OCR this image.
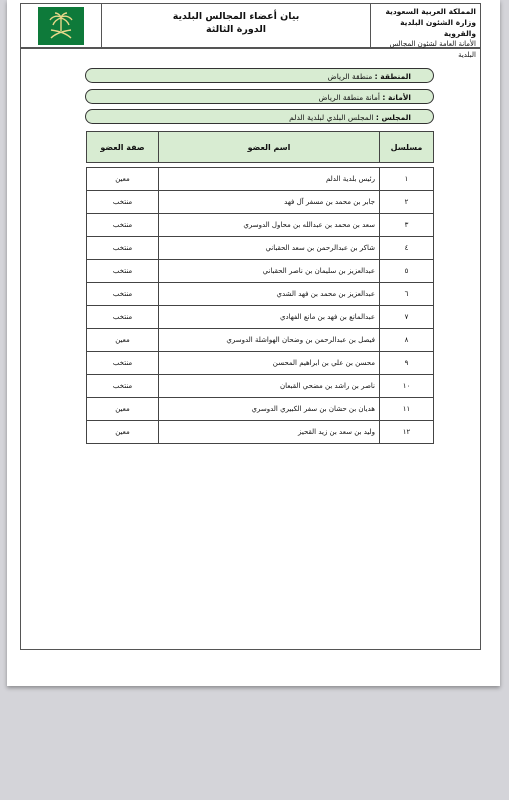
المملكة العربية السعودية
وزارة الشئون البلدية والقروية
الأمانة العامة لشئون المجالس البلدية
بيان أعضاء المجالس البلدية
الدورة الثالثة
المنطقة : منطقة الرياض
الأمانة : أمانة منطقة الرياض
المجلس : المجلس البلدي لبلدية الدلم
مسلسل	اسم العضو	صفة العضو

١	رئيس بلدية الدلم	معين
٢	جابر بن محمد بن مسفر آل فهد	منتخب
٣	سعد بن محمد بن عبدالله بن محاول الدوسري	منتخب
٤	شاكر بن عبدالرحمن بن سعد الحقباني	منتخب
٥	عبدالعزيز بن سليمان بن ناصر الحقباني	منتخب
٦	عبدالعزيز بن محمد بن فهد الشدي	منتخب
٧	عبدالمانع بن فهد بن مانع الفهادي	منتخب
٨	فيصل بن عبدالرحمن بن وضحان الهواشلة الدوسري	معين
٩	محسن بن علي بن ابراهيم المحسن	منتخب
١٠	ناصر بن راشد بن مضحي القبعان	منتخب
١١	هديان بن حشان بن سفر الكبيري الدوسري	معين
١٢	وليد بن سعد بن زيد القحيز	معين
